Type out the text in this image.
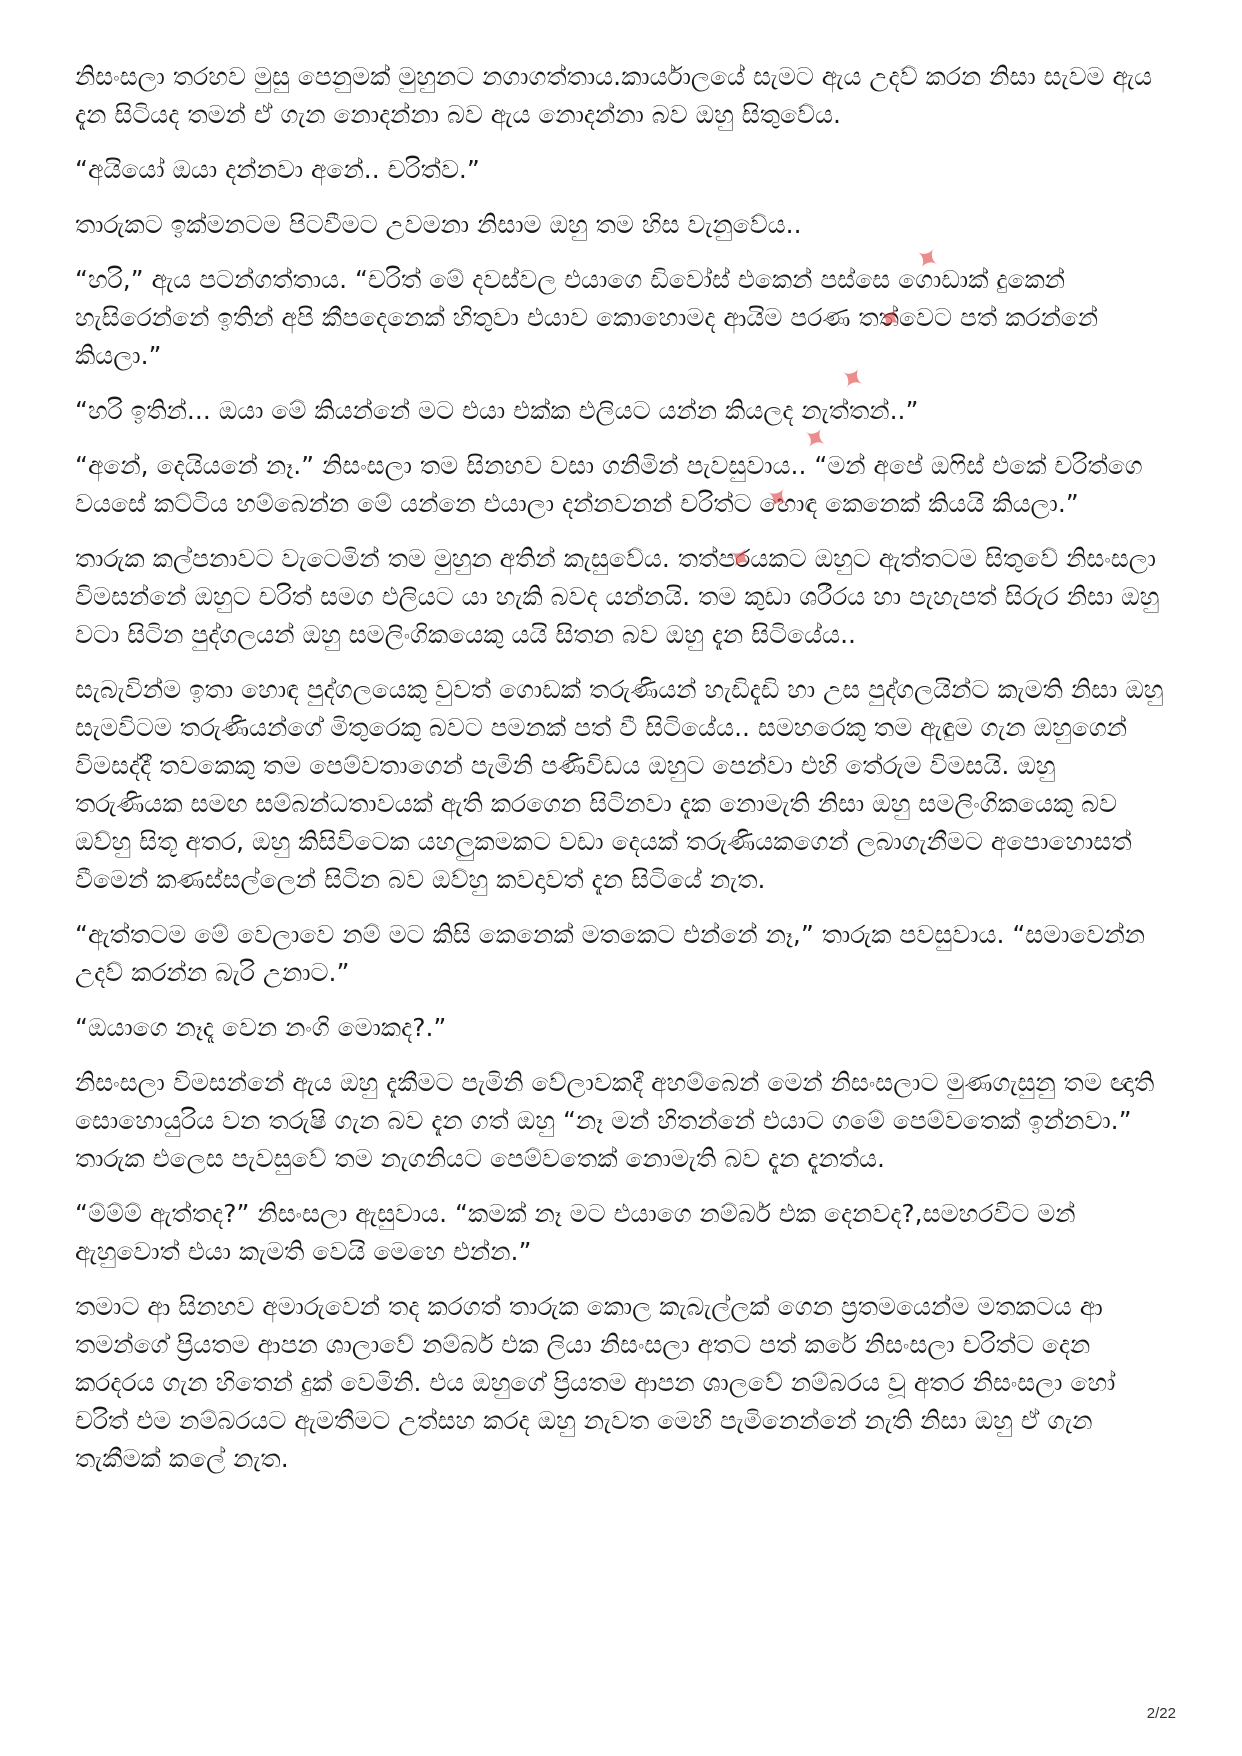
නිසංසලා තරහව මුසු පෙනුමක් මුහුනට නගාගත්තාය.කාර්යාලයේ සැමට ඇය උදව් කරන නිසා සැවම ඇය දැන සිටියද තමන් ඒ ගැන නොදන්නා බව ඇය නොදන්නා බව ඔහු සිතුවේය.

“අයියෝ ඔයා දන්නවා අනේ.. චරිත්ව.”

තාරුකට ඉක්මනටම පිටවීමට උවමනා නිසාම ඔහු තම හිස වැනුවේය..

“හරි,” ඇය පටන්ගත්තාය. “චරිත් මේ දවස්වල එයාගෙ ඩිවෝස් එකෙන් පස්සෙ ගොඩාක් දුකෙන් හැසිරෙන්නේ ඉතින් අපි කීපදෙනෙක් හිතුවා එයාව කොහොමද ආයිම පරණ තත්වෙට පත් කරන්නේ කියලා.”

“හරි ඉතින්... ඔයා මේ කියන්නේ මට එයා එක්ක එලියට යන්න කියලද නැත්තන්..”

“අනේ, දෙයියනේ නෑ.” නිසංසලා තම සිනහව වසා ගනිමින් පැවසුවාය.. “මන් අපේ ඔෆිස් එකේ චරිත්ගෙ වයසේ කට්ටිය හම්බෙන්න මේ යන්නෙ එයාලා දන්නවනන් චරිත්ට හොඳ කෙනෙක් කියයි කියලා.”

තාරුක කල්පනාවට වැටෙමින් තම මුහුන අතින් කැසුවේය. තත්පරයකට ඔහුට ඇත්තටම සිතුවේ නිසංසලා විමසන්නේ ඔහුට චරිත් සමග එලියට යා හැකි බවද යන්නයි. තම කුඩා ශරීරය හා පැහැපත් සිරුර නිසා ඔහු වටා සිටින පුද්ගලයන් ඔහු සමලිංගිකයෙකු යයි සිතන බව ඔහු දැන සිටියේය..

සැබැවින්ම ඉතා හොඳ පුද්ගලයෙකු වුවත් ගොඩක් තරුණියන් හැඩිදැඩි හා උස පුද්ගලයින්ට කැමති නිසා ඔහු සැමවිටම තරුණියන්ගේ මිතුරෙකු බවට පමනක් පත් වී සිටියේය.. සමහරෙකු තම ඇඳුම ගැන ඔහුගෙන් විමසද්දී තවකෙකු තම පෙම්වතාගෙන් පැමිනි පණිවිඩය ඔහුට පෙන්වා එහි තේරුම විමසයි. ඔහු තරුණියක සමඟ සම්බන්ධතාවයක් ඇති කරගෙන සිටිනවා දැක නොමැති නිසා ඔහු සමලිංගිකයෙකු බව ඔව්හු සිතූ අතර, ඔහු කිසිවිටෙක යහලුකමකට වඩා දෙයක් තරුණියකගෙන් ලබාගැනීමට අපොහොසත් වීමෙන් කණස්සල්ලෙන් සිටින බව ඔව්හු කවදාවත් දැන සිටියේ නැත.

“ඇත්තටම මේ වෙලාවෙ නම් මට කිසි කෙනෙක් මතකෙට එන්නේ නෑ,” තාරුක පවසුවාය. “සමාවෙන්න උදව් කරන්න බැරි උනාට.”

“ඔයාගෙ නෑදෑ වෙන නංගි මොකද?.”

නිසංසලා විමසන්නේ ඇය ඔහු දැකීමට පැමිනි වේලාවකදී අහම්බෙන් මෙන් නිසංසලාට මුණගැසුනු තම ඥාති සොහොයුරිය වන තරුෂි ගැන බව දැන ගත් ඔහු “නෑ මන් හිතන්නේ එයාට ගමේ පෙම්වතෙක් ඉන්නවා.” තාරුක එලෙස පැවසුවේ තම නැගනියට පෙම්වතෙක් නොමැති බව දැන දැනත්ය.

“ම්ම්ම් ඇත්තද?” නිසංසලා ඇසුවාය. “කමක් නෑ මට එයාගෙ නම්බර් එක දෙනවද?,සමහරවිට මන් ඇහුවොත් එයා කැමති වෙයි මෙහෙ එන්න.”

තමාට ආ සිනහව අමාරුවෙන් තද කරගත් තාරුක කොල කැබැල්ලක් ගෙන ප්‍රතමයෙන්ම මතකටය ආ තමන්ගේ ප්‍රියතම ආපන ශාලාවේ නම්බර් එක ලියා නිසංසලා අතට පත් කරේ නිසංසලා චරිත්ට දෙන කරදරය ගැන හිතෙන් දුක් වෙමිනි. එය ඔහුගේ ප්‍රියතම ආපන ශාලවේ නම්බරය වූ අතර නිසංසලා හෝ චරිත් එම නම්බරයට ඇමතීමට උත්සහ කරද ඔහු නැවත මෙහි පැමිනෙන්නේ නැති නිසා ඔහු ඒ ගැන තැකීමක් කලේ නැත.

✦ ✦ ✦ ✦ ✦ ✦
2/22
